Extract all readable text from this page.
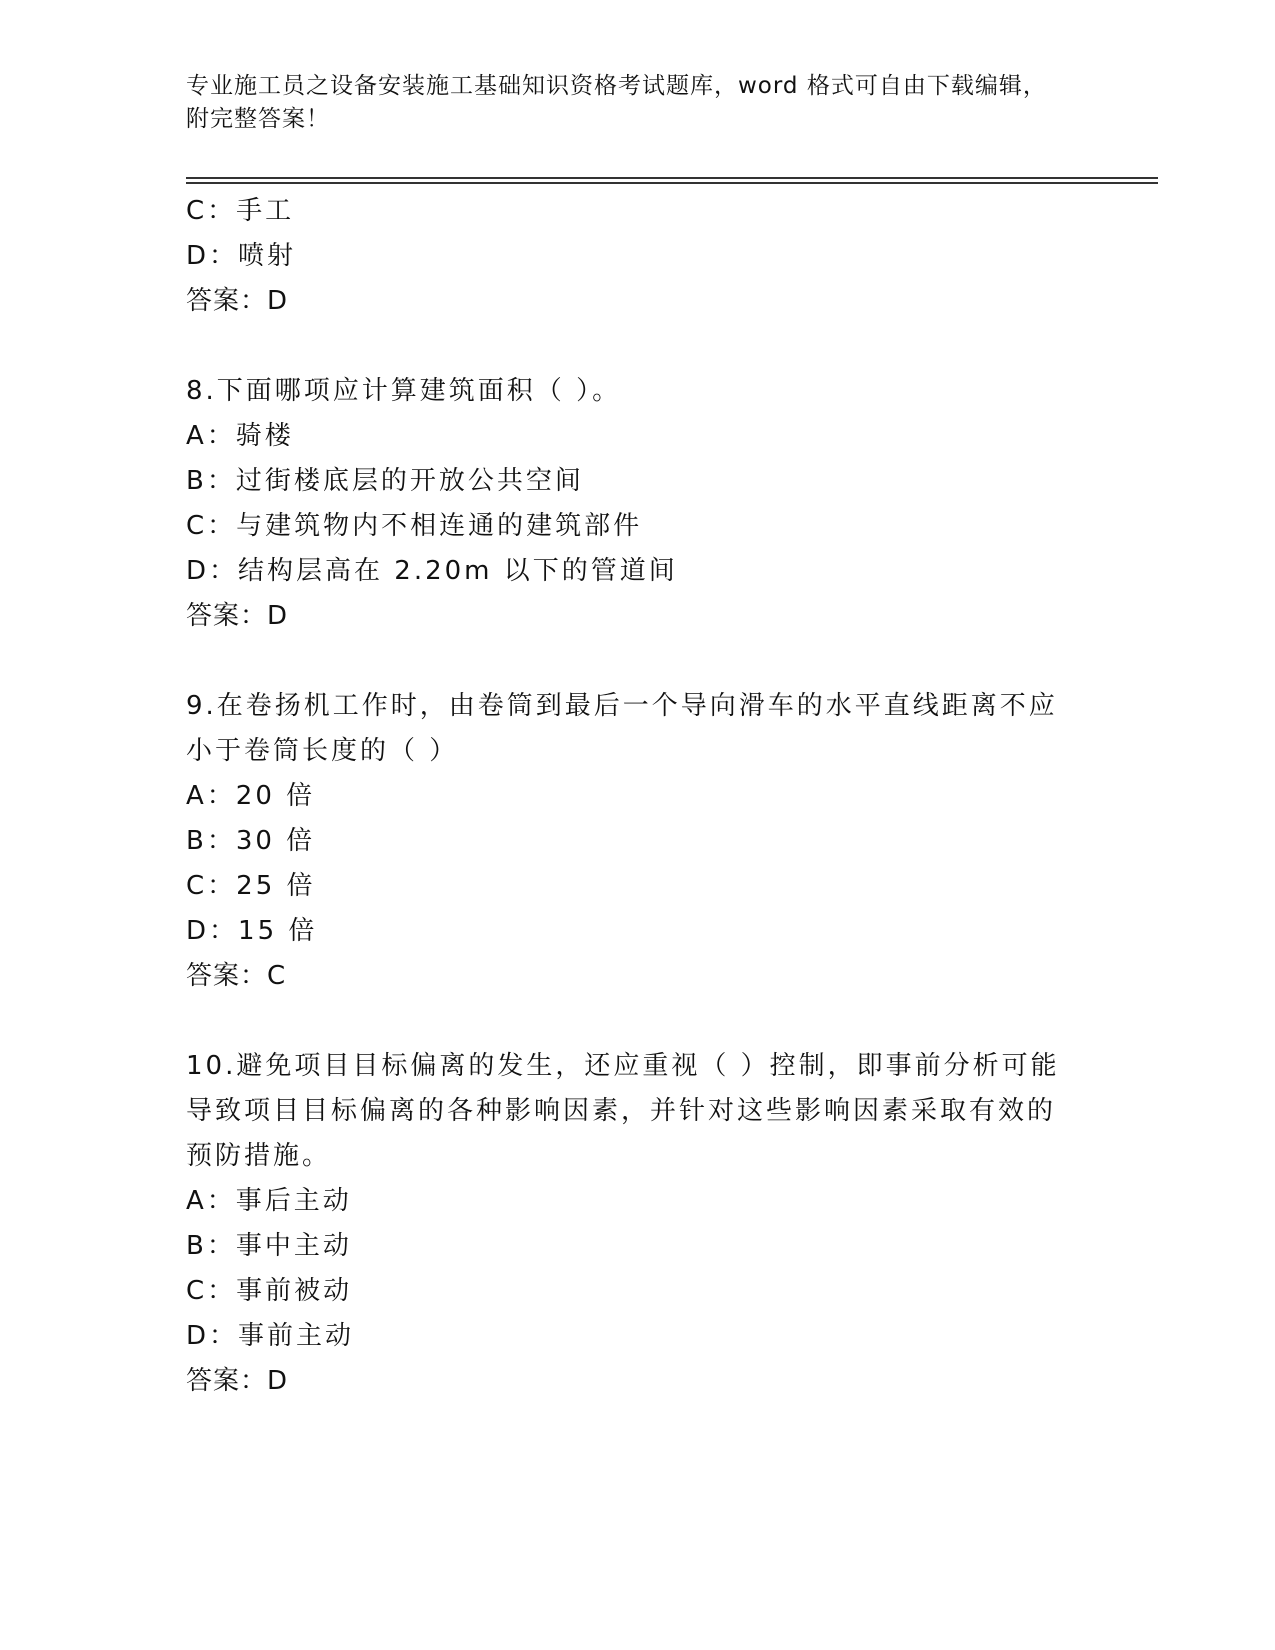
专业施工员之设备安装施工基础知识资格考试题库，word 格式可自由下载编辑，
附完整答案！

C：手工

D：喷射

答案：D

8.下面哪项应计算建筑面积（ ）。

A：骑楼

B：过街楼底层的开放公共空间

C：与建筑物内不相连通的建筑部件

D：结构层高在 2.20m 以下的管道间

答案：D

9.在卷扬机工作时，由卷筒到最后一个导向滑车的水平直线距离不应

小于卷筒长度的（ ）

A：20 倍

B：30 倍

C：25 倍

D：15 倍

答案：C

10.避免项目目标偏离的发生，还应重视（ ）控制，即事前分析可能

导致项目目标偏离的各种影响因素，并针对这些影响因素采取有效的

预防措施。

A：事后主动

B：事中主动

C：事前被动

D：事前主动

答案：D
